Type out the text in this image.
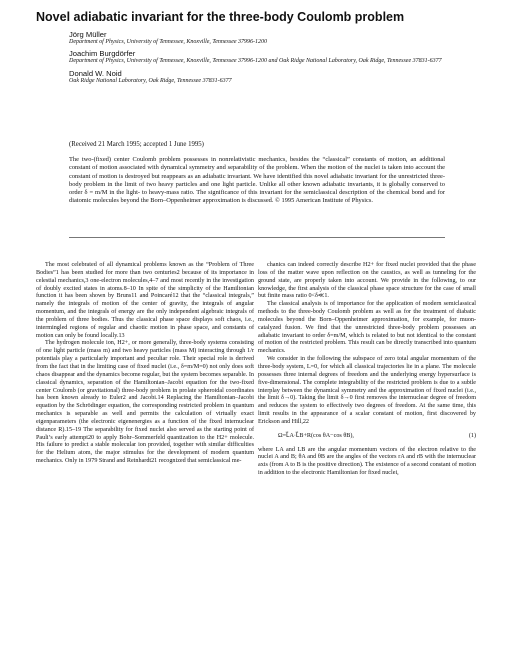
Novel adiabatic invariant for the three-body Coulomb problem
Jörg Müller
Department of Physics, University of Tennessee, Knoxville, Tennessee 37996-1200
Joachim Burgdörfer
Department of Physics, University of Tennessee, Knoxville, Tennessee 37996-1200 and Oak Ridge National Laboratory, Oak Ridge, Tennessee 37831-6377
Donald W. Noid
Oak Ridge National Laboratory, Oak Ridge, Tennessee 37831-6377
(Received 21 March 1995; accepted 1 June 1995)

The two-(fixed) center Coulomb problem possesses in nonrelativistic mechanics, besides the “classical” constants of motion, an additional constant of motion associated with dynamical symmetry and separability of the problem. When the motion of the nuclei is taken into account the constant of motion is destroyed but reappears as an adiabatic invariant. We have identified this novel adiabatic invariant for the unrestricted three-body problem in the limit of two heavy particles and one light particle. Unlike all other known adiabatic invariants, it is globally conserved to order δ = m/M in the light- to heavy-mass ratio. The significance of this invariant for the semiclassical description of the chemical bond and for diatomic molecules beyond the Born–Oppenheimer approximation is discussed. © 1995 American Institute of Physics.

The most celebrated of all dynamical problems known as the “Problem of Three Bodies”1 has been studied for more than two centuries2 because of its importance in celestial mechanics,3 one-electron molecules,4–7 and most recently in the investigation of doubly excited states in atoms.8–10 In spite of the simplicity of the Hamiltonian function it has been shown by Bruns11 and Poincaré12 that the “classical integrals,” namely the integrals of motion of the center of gravity, the integrals of angular momentum, and the integrals of energy are the only independent algebraic integrals of the problem of three bodies. Thus the classical phase space displays soft chaos, i.e., intermingled regions of regular and chaotic motion in phase space, and constants of motion can only be found locally.13

The hydrogen molecule ion, H2+, or more generally, three-body systems consisting of one light particle (mass m) and two heavy particles (mass M) interacting through 1/r potentials play a particularly important and peculiar role. Their special role is derived from the fact that in the limiting case of fixed nuclei (i.e., δ=m/M=0) not only does soft chaos disappear and the dynamics become regular, but the system becomes separable. In classical dynamics, separation of the Hamiltonian–Jacobi equation for the two-fixed center Coulomb (or gravitational) three-body problem in prolate spheroidal coordinates has been known already to Euler2 and Jacobi.14 Replacing the Hamiltonian–Jacobi equation by the Schrödinger equation, the corresponding restricted problem in quantum mechanics is separable as well and permits the calculation of virtually exact eigenparameters (the electronic eigenenergies as a function of the fixed internuclear distance R).15–19 The separability for fixed nuclei also served as the starting point of Pauli’s early attempt20 to apply Bohr–Sommerfeld quantization to the H2+ molecule. His failure to predict a stable molecular ion provided, together with similar difficulties for the Helium atom, the major stimulus for the development of modern quantum mechanics. Only in 1979 Strand and Reinhardt21 recognized that semiclassical me-

chanics can indeed correctly describe H2+ for fixed nuclei provided that the phase loss of the matter wave upon reflection on the caustics, as well as tunneling for the ground state, are properly taken into account. We provide in the following, to our knowledge, the first analysis of the classical phase space structure for the case of small but finite mass ratio 0<δ≪1.

The classical analysis is of importance for the application of modern semiclassical methods to the three-body Coulomb problem as well as for the treatment of diabatic molecules beyond the Born–Oppenheimer approximation, for example, for muon-catalyzed fusion. We find that the unrestricted three-body problem possesses an adiabatic invariant to order δ=m/M, which is related to but not identical to the constant of motion of the restricted problem. This result can be directly transcribed into quantum mechanics.

We consider in the following the subspace of zero total angular momentum of the three-body system, L=0, for which all classical trajectories lie in a plane. The molecule possesses three internal degrees of freedom and the underlying energy hypersurface is five-dimensional. The complete integrability of the restricted problem is due to a subtle interplay between the dynamical symmetry and the approximation of fixed nuclei (i.e., the limit δ→0). Taking the limit δ→0 first removes the internuclear degree of freedom and reduces the system to effectively two degrees of freedom. At the same time, this limit results in the appearance of a scalar constant of motion, first discovered by Erickson and Hill,22

Ω=L⃗A·L⃗B+R(cos θA−cos θB),	(1)

where LA and LB are the angular momentum vectors of the electron relative to the nuclei A and B; θA and θB are the angles of the vectors rA and rB with the internuclear axis (from A to B is the positive direction). The existence of a second constant of motion in addition to the electronic Hamiltonian for fixed nuclei,
